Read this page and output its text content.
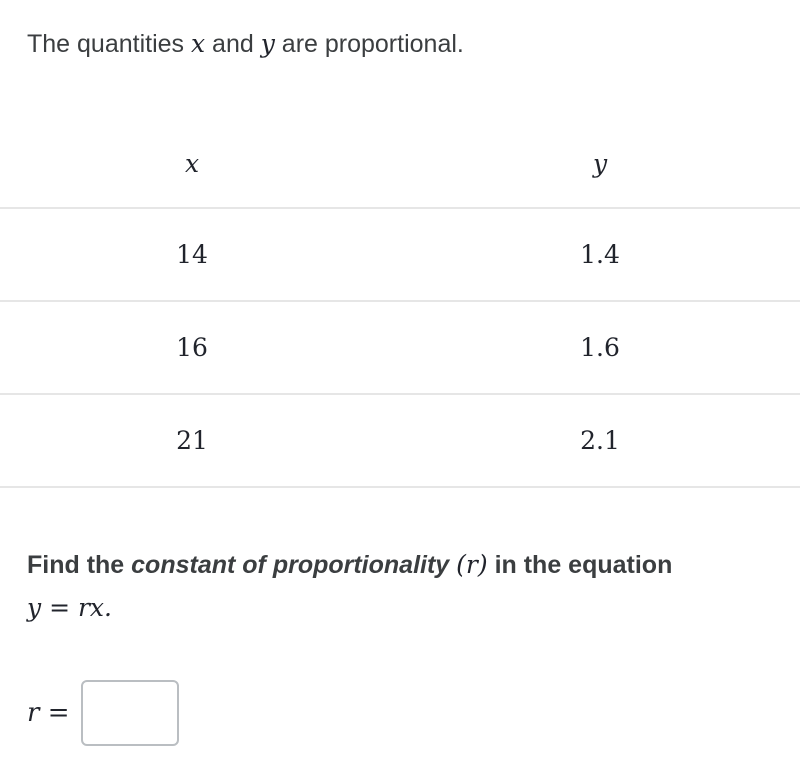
The quantities x and y are proportional.
x	y
14	1.4
16	1.6
21	2.1
Find the constant of proportionality (r) in the equation
y = rx.
r =
